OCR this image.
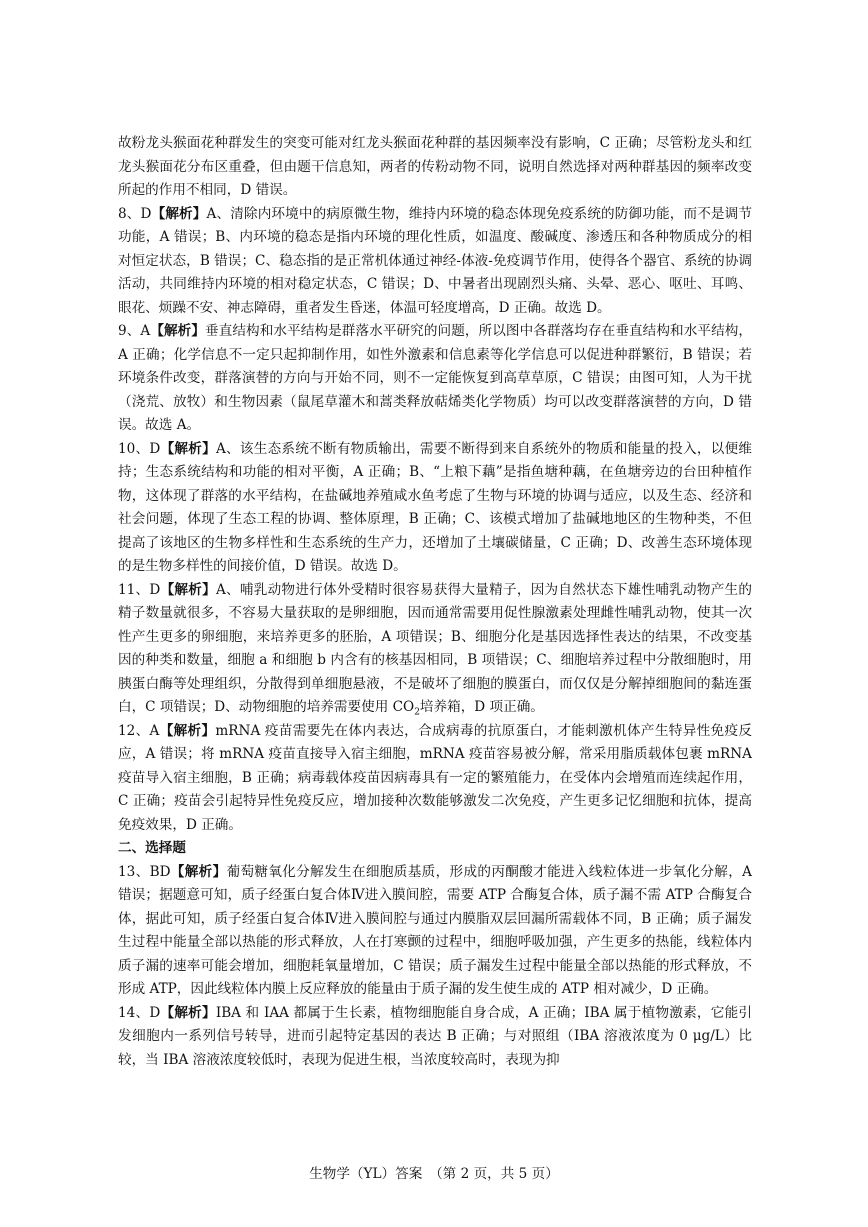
故粉龙头猴面花种群发生的突变可能对红龙头猴面花种群的基因频率没有影响，C 正确；尽管粉龙头和红龙头猴面花分布区重叠，但由题干信息知，两者的传粉动物不同，说明自然选择对两种群基因的频率改变所起的作用不相同，D 错误。

8、D【解析】A、清除内环境中的病原微生物，维持内环境的稳态体现免疫系统的防御功能，而不是调节功能，A 错误；B、内环境的稳态是指内环境的理化性质，如温度、酸碱度、渗透压和各种物质成分的相对恒定状态，B 错误；C、稳态指的是正常机体通过神经-体液-免疫调节作用，使得各个器官、系统的协调活动，共同维持内环境的相对稳定状态，C 错误；D、中暑者出现剧烈头痛、头晕、恶心、呕吐、耳鸣、眼花、烦躁不安、神志障碍，重者发生昏迷，体温可轻度增高，D 正确。故选 D。

9、A【解析】垂直结构和水平结构是群落水平研究的问题，所以图中各群落均存在垂直结构和水平结构，A 正确；化学信息不一定只起抑制作用，如性外激素和信息素等化学信息可以促进种群繁衍，B 错误；若环境条件改变，群落演替的方向与开始不同，则不一定能恢复到高草草原，C 错误；由图可知，人为干扰（浇荒、放牧）和生物因素（鼠尾草灌木和蒿类释放萜烯类化学物质）均可以改变群落演替的方向，D 错误。故选 A。

10、D【解析】A、该生态系统不断有物质输出，需要不断得到来自系统外的物质和能量的投入，以便维持；生态系统结构和功能的相对平衡，A 正确；B、“上粮下藕”是指鱼塘种藕，在鱼塘旁边的台田种植作物，这体现了群落的水平结构，在盐碱地养殖咸水鱼考虑了生物与环境的协调与适应，以及生态、经济和社会问题，体现了生态工程的协调、整体原理，B 正确；C、该模式增加了盐碱地地区的生物种类，不但提高了该地区的生物多样性和生态系统的生产力，还增加了土壤碳储量，C 正确；D、改善生态环境体现的是生物多样性的间接价值，D 错误。故选 D。

11、D【解析】A、哺乳动物进行体外受精时很容易获得大量精子，因为自然状态下雄性哺乳动物产生的精子数量就很多，不容易大量获取的是卵细胞，因而通常需要用促性腺激素处理雌性哺乳动物，使其一次性产生更多的卵细胞，来培养更多的胚胎，A 项错误；B、细胞分化是基因选择性表达的结果，不改变基因的种类和数量，细胞 a 和细胞 b 内含有的核基因相同，B 项错误；C、细胞培养过程中分散细胞时，用胰蛋白酶等处理组织，分散得到单细胞悬液，不是破坏了细胞的膜蛋白，而仅仅是分解掉细胞间的黏连蛋白，C 项错误；D、动物细胞的培养需要使用 $CO_2$培养箱，D 项正确。

12、A【解析】mRNA 疫苗需要先在体内表达，合成病毒的抗原蛋白，才能刺激机体产生特异性免疫反应，A 错误；将 mRNA 疫苗直接导入宿主细胞，mRNA 疫苗容易被分解，常采用脂质载体包裹 mRNA 疫苗导入宿主细胞，B 正确；病毒载体疫苗因病毒具有一定的繁殖能力，在受体内会增殖而连续起作用，C 正确；疫苗会引起特异性免疫反应，增加接种次数能够激发二次免疫，产生更多记忆细胞和抗体，提高免疫效果，D 正确。

二、选择题

13、BD【解析】葡萄糖氧化分解发生在细胞质基质，形成的丙酮酸才能进入线粒体进一步氧化分解，A 错误；据题意可知，质子经蛋白复合体Ⅳ进入膜间腔，需要 ATP 合酶复合体，质子漏不需 ATP 合酶复合体，据此可知，质子经蛋白复合体Ⅳ进入膜间腔与通过内膜脂双层回漏所需载体不同，B 正确；质子漏发生过程中能量全部以热能的形式释放，人在打寒颤的过程中，细胞呼吸加强，产生更多的热能，线粒体内质子漏的速率可能会增加，细胞耗氧量增加，C 错误；质子漏发生过程中能量全部以热能的形式释放，不形成 ATP，因此线粒体内膜上反应释放的能量由于质子漏的发生使生成的 ATP 相对减少，D 正确。

14、D【解析】IBA 和 IAA 都属于生长素，植物细胞能自身合成，A 正确；IBA 属于植物激素，它能引发细胞内一系列信号转导，进而引起特定基因的表达 B 正确；与对照组（IBA 溶液浓度为 0 μg/L）比较，当 IBA 溶液浓度较低时，表现为促进生根，当浓度较高时，表现为抑

生物学（YL）答案　（第 2 页，共 5 页）
